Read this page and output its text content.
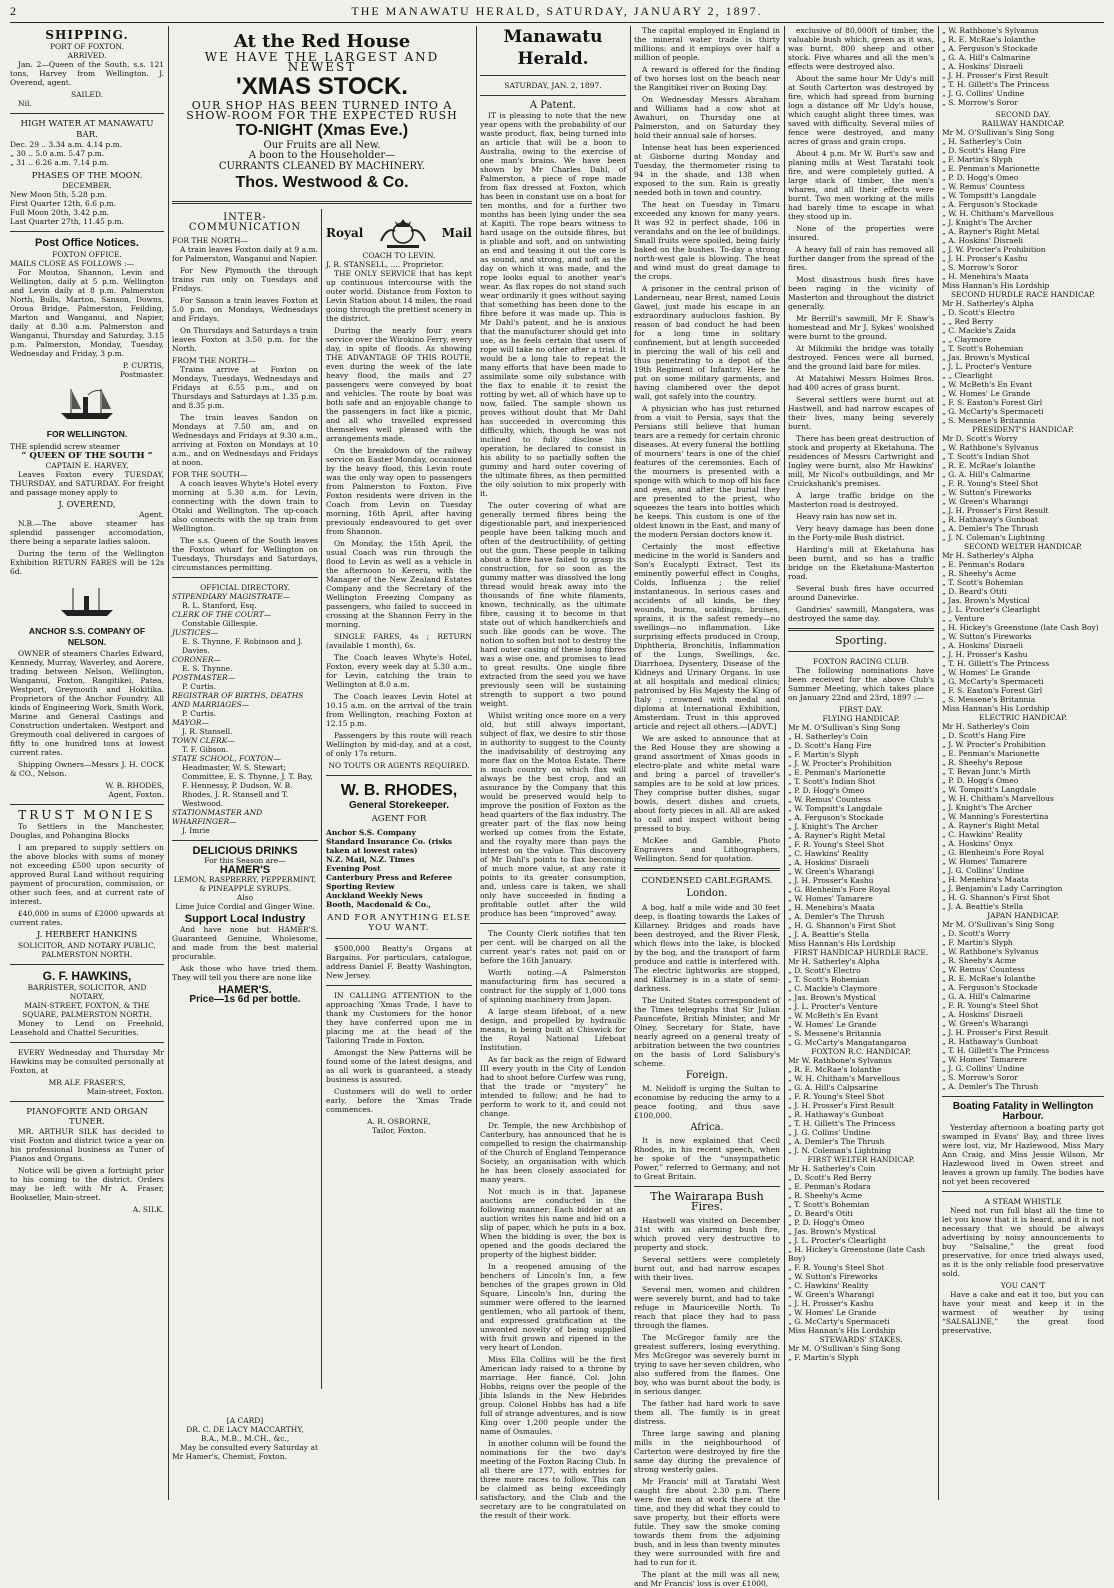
2	THE MANAWATU HERALD, SATURDAY, JANUARY 2, 1897.
SHIPPING.
PORT OF FOXTON.
ARRIVED.

Jan. 2—Queen of the South, s.s. 121 tons, Harvey from Wellington. J. Overend, agent.

SAILED.

Nil.

HIGH WATER AT MANAWATU BAR.
Dec. 29 .. 3.34 a.m. 4.14 p.m.
„ 30 .. 5.0 a.m. 5.47 p.m.
„ 31 .. 6.26 a.m. 7.14 p.m.
PHASES OF THE MOON.
DECEMBER.
New Moon 5th, 5.28 p.m.
First Quarter 12th, 6.6 p.m.
Full Moon 20th, 3.42 p.m.
Last Quarter 27th, 11.45 p.m.
Post Office Notices.
FOXTON OFFICE.
MAILS CLOSE AS FOLLOWS :—

For Moutoa, Shannon, Levin and Wellington, daily at 5 p.m. Wellington and Levin daily at 8 p.m. Palmerston North, Bulls, Marton, Sanson, Downs, Oroua Bridge, Palmerston, Feilding, Marton and Wanganui, and Napier, daily at 8.30 a.m. Palmerston and Wanganui, Thursday and Saturday, 3.15 p.m. Palmerston, Monday, Tuesday, Wednesday and Friday, 3 p.m.

P. CURTIS,
Postmaster.
FOR WELLINGTON.
THE splendid screw steamer
“ QUEEN OF THE SOUTH ”
CAPTAIN E. HARVEY,

Leaves Foxton every TUESDAY, THURSDAY, and SATURDAY. For freight and passage money apply to

J. OVEREND,
Agent.

N.B.—The above steamer has splendid passenger accomodation, there being a separate ladies saloon.

During the term of the Wellington Exhibition RETURN FARES will be 12s 6d.

ANCHOR S.S. COMPANY OF NELSON.

OWNER of steamers Charles Edward, Kennedy, Murray, Waverley, and Aorere, trading between Nelson, Wellington, Wanganui, Foxton, Rangitikei, Patea, Westport, Greymouth and Hokitika. Proprietors of the Anchor Foundry. All kinds of Engineering Work, Smith Work, Marine and General Castings and Construction undertaken. Westport and Greymouth coal delivered in cargoes of fifty to one hundred tons at lowest current rates.

Shipping Owners—Messrs J. H. COCK & CO., Nelson.

W. B. RHODES,
Agent, Foxton.
TRUST MONIES

To Settlers in the Manchester, Douglas, and Pohangina Blocks

I am prepared to supply settlers on the above blocks with sums of money not exceeding £500 upon security of approved Rural Land without requiring payment of procuration, commission, or other such fees, and at current rate of interest.

£40,000 in sums of £2000 upwards at current rates.

J. HERBERT HANKINS
SOLICITOR, AND NOTARY PUBLIC,
PALMERSTON NORTH.
G. F. HAWKINS,
BARRISTER, SOLICITOR, AND NOTARY,
MAIN-STREET, FOXTON, & THE SQUARE, PALMERSTON NORTH.

Money to Lend on Freehold, Leasehold and Chattel Securities.

EVERY Wednesday and Thursday Mr Hawkins may be consulted personally at Foxton, at

MR ALF. FRASER'S,
Main-street, Foxton.
PIANOFORTE AND ORGAN TUNER.

MR. ARTHUR SILK has decided to visit Foxton and district twice a year on his professional business as Tuner of Pianos and Organs.

Notice will be given a fortnight prior to his coming to the district. Orders may be left with Mr A. Fraser, Bookseller, Main-street.

A. SILK.
At the Red House
WE HAVE THE LARGEST AND NEWEST
'XMAS STOCK.
OUR SHOP HAS BEEN TURNED INTO A
SHOW-ROOM FOR THE EXPECTED RUSH
TO-NIGHT (Xmas Eve.)
Our Fruits are all New.
A boon to the Householder—
CURRANTS CLEANED BY MACHINERY.
Thos. Westwood & Co.
INTER-COMMUNICATION
FOR THE NORTH—

A train leaves Foxton daily at 9 a.m. for Palmerston, Wanganui and Napier.

For New Plymouth the through trains run only on Tuesdays and Fridays.

For Sanson a train leaves Foxton at 5.0 p.m. on Mondays, Wednesdays and Fridays.

On Thursdays and Saturdays a train leaves Foxton at 3.50 p.m. for the North.

FROM THE NORTH—

Trains arrive at Foxton on Mondays, Tuesdays, Wednesdays and Fridays at 6.55 p.m., and on Thursdays and Saturdays at 1.35 p.m. and 8.35 p.m.

The train leaves Sandon on Mondays at 7.50 am, and on Wednesdays and Fridays at 9.30 a.m., arriving at Foxton on Mondays at 10 a.m., and on Wednesdays and Fridays at noon.

FOR THE SOUTH—

A coach leaves Whyte's Hotel every morning at 5.30 a.m. for Levin, connecting with the down train to Otaki and Wellington. The up-coach also connects with the up train from Wellington.

The s.s. Queen of the South leaves the Foxton wharf for Wellington on Tuesdays, Thursdays and Saturdays, circumstances permitting.

OFFICIAL DIRECTORY.
STIPENDIARY MAGISTRATE—
R. L. Stanford, Esq.
CLERK OF THE COURT—
Constable Gillespie.
JUSTICES—
E. S. Thynne, F. Robinson and J. Davies.
CORONER—
E. S. Thynne.
POSTMASTER—
P. Curtis.
REGISTRAR OF BIRTHS, DEATHS AND MARRIAGES—
P. Curtis.
MAYOR—
J. R. Stansell.
TOWN CLERK—
T. F. Gibson.
STATE SCHOOL, FOXTON—
Headmaster, W. S. Stewart; Committee, E. S. Thynne, J. T. Bay, F. Hennessy, P. Dudson, W. B. Rhodes, J. R. Stansell and T. Westwood.
STATIONMASTER AND WHARFINGER—
J. Imrie
DELICIOUS DRINKS
For this Season are—
HAMER'S
LEMON, RASPBERRY, PEPPERMINT, & PINEAPPLE SYRUPS.
Also
Lime Juice Cordial and Ginger Wine.
Support Local Industry

And have none but HAMER'S. Guaranteed Genuine, Wholesome, and made from the best material procurable.

Ask those who have tried them. They will tell you there are none like

HAMER'S.
Price—1s 6d per bottle.
Royal	Mail
COACH TO LEVIN.
J. R. STANSELL, .... Proprietor.

THE ONLY SERVICE that has kept up continuous intercourse with the outer world. Distance from Foxton to Levin Station about 14 miles, the road going through the prettiest scenery in the district.

During the nearly four years service over the Wirokino Ferry, every day, in spite of floods. As showing THE ADVANTAGE OF THIS ROUTE, even during the week of the late heavy flood, the mails and 27 passengers were conveyed by boat and vehicles. The route by boat was both safe and an enjoyable change to the passengers in fact like a picnic, and all who travelled expressed themselves well pleased with the arrangements made.

On the breakdown of the railway service on Easter Monday, occasioned by the heavy flood, this Levin route was the only way open to passengers from Palmerston to Foxton. Five Foxton residents were driven in the Coach from Levin on Tuesday morning, 16th April, after having previously endeavoured to get over from Shannon.

On Monday, the 15th April, the usual Coach was run through the flood to Levin as well as a vehicle in the afternoon to Kereru, with the Manager of the New Zealand Estates Company and the Secretary of the Wellington Freezing Company as passengers, who failed to succeed in crossing at the Shannon Ferry in the morning.

SINGLE FARES, 4s ; RETURN (available 1 month), 6s.

The Coach leaves Whyte's Hotel, Foxton, every week day at 5.30 a.m., for Levin, catching the train to Wellington at 8.0 a.m.

The Coach leaves Levin Hotel at 10.15 a.m. on the arrival of the train from Wellington, reaching Foxton at 12.15 p.m.

Passengers by this route will reach Wellington by mid-day, and at a cost, of only 17s return.

NO TOUTS OR AGENTS REQUIRED.
W. B. RHODES,
General Storekeeper.
AGENT FOR
Anchor S.S. Company
Standard Insurance Co. (risks taken at lowest rates)
N.Z. Mail, N.Z. Times
Evening Post
Canterbury Press and Referee
Sporting Review
Auckland Weekly News
Booth, Macdonald & Co.,
AND FOR ANYTHING ELSE YOU WANT.

$500,000 Beatty's Organs at Bargains. For particulars, catalogue, address Daniel F. Beatty Washington, New Jersey.

IN CALLING ATTENTION to the approaching 'Xmas Trade, I have to thank my Customers for the honor they have conferred upon me in placing me at the head of the Tailoring Trade in Foxton.

Amongst the New Patterns will be found some of the latest designs, and as all work is guaranteed, a steady business is assured.

Customers will do well to order early, before the 'Xmas Trade commences.

A. R. OSBORNE,
Tailor, Foxton.
[A CARD]
DR. C. DE LACY MACCARTHY,
B.A., M.B., M.CH., &c.,

May be consulted every Saturday at Mr Hamer's, Chemist, Foxton.

Manawatu Herald.
SATURDAY, JAN. 2, 1897.
A Patent.

IT is pleasing to note that the new year opens with the probability of our waste product, flax, being turned into an article that will be a boon to Australia, owing to the exercise of one man's brains. We have been shown by Mr Charles Dahl, of Palmerston, a piece of rope made from flax dressed at Foxton, which has been in constant use on a boat for ten months, and for a further two months has been lying under the sea at Kapiti. The rope bears witness to hard usage on the outside fibres, but is pliable and soft, and on untwisting an end and teasing it out the core is as sound, and strong, and soft as the day on which it was made, and the rope looks equal to another year's wear. As flax ropes do not stand such wear ordinarily it goes without saying that something has been done to the fibre before it was made up. This is Mr Dahl's patent, and he is anxious that the manufacturer should get into use, as he feels certain that users of rope will take no other after a trial. It would be a long tale to repeat the many efforts that have been made to assimilate some oily substance with the flax to enable it to resist the rotting by wet, all of which have up to now, failed. The sample shown us proves without doubt that Mr Dahl has succeeded in overcoming this difficulty, which, though he was not inclined to fully disclose his operation, he declared to consist in his ability to so partially soften the gummy and hard outer covering of the ultimate fibres, as then permitted the oily solution to mix properly with it.

The outer covering of what are generally termed fibres being the digestionable part, and inexperienced people have been talking much and often of the destructibility, of getting out the gum. These people in talking about a fibre have failed to grasp its construction, for so soon as the gummy matter was dissolved the long thread would break away into the thousands of fine white filaments, known, technically, as the ultimate fibre, causing it to become in that state out of which handkerchiefs and such like goods can be wove. The notion to soften but not to destroy the hard outer casing of these long fibres was a wise one, and promises to lead to great results. One single fibre extracted from the seed you we have previously seen will be sustaining strength to support a two pound weight.

Whilst writing once more on a very old, but still always important, subject of flax, we desire to stir those in authority to suggest to the County the inadvisability of destroying any more flax on the Motoa Estate. There is much country on which flax will always be the best crop, and an assurance by the Company that this would be preserved would help to improve the position of Foxton as the head quarters of the flax industry. The greater part of the flax now being worked up comes from the Estate, and the royalty more than pays the interest on the value. This discovery of Mr Dahl's points to flax becoming of much more value, at any rate it points to its greater consumption, and, unless care is taken, we shall only have succeeded in finding a profitable outlet after the wild produce has been “improved” away.

The County Clerk notifies that ten per cent. will be charged on all the current year's rates not paid on or before the 16th January.

Worth noting.—A Palmerston manufacturing firm has secured a contract for the supply of 1,000 tons of spinning machinery from Japan.

A large steam lifeboat, of a new design, and propelled by hydraulic means, is being built at Chiswick for the Royal National Lifeboat Institution.

As far back as the reign of Edward III every youth in the City of London had to shoot before Curfew was rung, that the trade or “mystery” he intended to follow; and he had to perform to work to it, and could not change.

Dr. Temple, the new Archbishop of Canterbury, has announced that he is compelled to resign the chairmanship of the Church of England Temperance Society, an organisation with which he has been closely associated for many years.

Not much is in that. Japanese auctions are conducted in the following manner: Each bidder at an auction writes his name and bid on a slip of paper, which he puts in a box. When the bidding is over, the box is opened and the goods declared the property of the highest bidder.

In a reopened amusing of the benchers of Lincoln's Inn, a few benches of the grapes grown in Old Square, Lincoln's Inn, during the summer were offered to the learned gentlemen, who all partook of them, and expressed gratification at the unwonted novelty of being supplied with fruit grown and ripened in the very heart of London.

Miss Ella Collins will be the first American lady raised to a throne by marriage. Her fiancé, Col. John Hobbs, reigns over the people of the Jibia Islands in the New Hebrides group. Colonel Hobbs has had a life full of strange adventures, and is now King over 1,200 people under the name of Osmaules.

In another column will be found the nominations for the two day's meeting of the Foxton Racing Club. In all there are 177, with entries for three more races to follow. This can be claimed as being exceedingly satisfactory, and the Club and the secretary are to be congratulated on the result of their work.

The capital employed in England in the mineral water trade is thirty millions: and it employs over half a million of people.

A reward is offered for the finding of two horses lost on the beach near the Rangitikei river on Boxing Day.

On Wednesday Messrs Abraham and Williams had a cow shot at Awahuri, on Thursday one at Palmerston, and on Saturday they hold their annual sale of horses.

Intense heat has been experienced at Gisborne during Monday and Tuesday, the thermometer rising to 94 in the shade, and 138 when exposed to the sun. Rain is greatly needed both in town and country.

The heat on Tuesday in Timaru exceeded any known for many years. It was 92 in perfect shade, 106 in verandahs and on the lee of buildings. Small fruits were spoiled, being fairly baked on the bushes. To-day a strong north-west gale is blowing. The heat and wind must do great damage to the crops.

A prisoner in the central prison of Landerneau, near Brest, named Louis Gawel, just made his escape in an extraordinary auduclous fashion. By reason of bad conduct he had been for a long time in solitary confinement, but at length succeeded in piercing the wall of his cell and thus penetrating to a depot of the 19th Regiment of Infantry. Here he put on some military garments, and having clambered over the depot wall, got safely into the country.

A physician who has just returned from a visit to Persia, says that the Persians still believe that human tears are a remedy for certain chronic diseases. At every funeral the bottling of mourners' tears is one of the chief features of the ceremonies. Each of the mourners is presented with a sponge with which to mop off his face and eyes, and after the burial they are presented to the priest, who squeezes the tears into bottles which he keeps. This custom is one of the oldest known in the East, and many of the modern Persian doctors know it.

Certainly the most effective medicine in the world is Sanders and Son's Eucalypti Extract. Test its eminently powerful effect in Coughs, Colds, Influenza ; the relief instantaneous. In serious cases and accidents of all kinds, be they wounds, burns, scaldings, bruises, sprains, it is the safest remedy—no swellings—no inflammation. Like surprising effects produced in Croup, Diphtheria, Bronchitis, Inflammation of the Lungs, Swellings, &c. Diarrhoea, Dysentery, Disease of the Kidneys and Urinary Organs. In use at all hospitals and medical clinics; patronised by His Majesty the King of Italy ; crowned with medal and diploma at International Exhibition, Amsterdam. Trust in this approved article and reject all others.—[ADVT.]

We are asked to announce that at the Red House they are showing a grand assortment of Xmas goods in electro-plate and white metal ware and bring a parcel of traveller's samples are to be sold at low prices. They comprise butter dishes, sugar bowls, desert dishes and cruets, about forty pieces in all. All are asked to call and inspect without being pressed to buy.

McKee and Gamble, Photo Engravers and Lithographers, Wellington. Send for quotation.

CONDENSED CABLEGRAMS.
London.

A bog, half a mile wide and 30 feet deep, is floating towards the Lakes of Killarney. Bridges and roads have been destroyed, and the River Flesk, which flows into the lake, is blocked by the bog, and the transport of farm produce and cattle is interfered with. The electric lightworks are stopped, and Killarney is in a state of semi-darkness.

The United States correspondent of the Times telegraphs that Sir Julian Pauncefote, British Minister, and Mr Olney, Secretary for State, have nearly agreed on a general treaty of arbitration between the two countries on the basis of Lord Salisbury's scheme.

Foreign.

M. Nelidoff is urging the Sultan to economise by reducing the army to a peace footing, and thus save £100,000.

Africa.

It is now explained that Cecil Rhodes, in his recent speech, when he spoke of the “unsympathetic Power,” referred to Germany, and not to Great Britain.

The Wairarapa Bush Fires.

Hastwell was visited on December 31st with an alarming bush fire, which proved very destructive to property and stock.

Several settlers were completely burnt out, and had narrow escapes with their lives.

Several men, women and children were severely burnt, and had to take refuge in Mauriceville North. To reach that place they had to pass through the flames.

The McGregor family are the greatest sufferers, losing everything. Mrs McGregor was severely burnt in trying to save her seven children, who also suffered from the flames. One boy, who was burnt about the body, is in serious danger.

The father had hard work to save them all. The family is in great distress.

Three large sawing and planing mills in the neighbourhood of Carterton were destroyed by fire the same day during the prevalence of strong westerly gales.

Mr Francis' mill at Taratahi West caught fire about 2.30 p.m. There were five men at work there at the time, and they did what they could to save property, but their efforts were futile. They saw the smoke coming towards them from the adjoining bush, and in less than twenty minutes they were surrounded with fire and had to run for it.

The plant at the mill was all new, and Mr Francis' loss is over £1000,

exclusive of 80,000ft of timber, the valuable bush which, green as it was, was burnt, 800 sheep and other stock. Five whares and all the men's effects were destroyed also.

About the same hour Mr Udy's mill at South Carterton was destroyed by fire, which had spread from burning logs a distance off Mr Udy's house, which caught alight three times, was saved with difficulty. Several miles of fence were destroyed, and many acres of grass and grain crops.

About 4 p.m. Mr W. Burt's saw and planing mills at West Taratahi took fire, and were completely gutted. A large stack of timber, the men's whares, and all their effects were burnt. Two men working at the mills had barely time to escape in what they stood up in.

None of the properties were insured.

A heavy fall of rain has removed all further danger from the spread of the fires.

Most disastrous bush fires have been raging in the vicinity of Masterton and throughout the district generally.

Mr Berrill's sawmill, Mr F. Shaw's homestead and Mr J. Sykes' woolshed were burnt to the ground.

At Mikimiki the bridge was totally destroyed. Fences were all burned, and the ground laid bare for miles.

At Matahiwi Messrs Holmes Bros. had 400 acres of grass burnt.

Several settlers were burnt out at Hastwell, and had narrow escapes of their lives, many being severely burnt.

There has been great destruction of stock and property at Eketahuna. The residences of Messrs Cartwright and Ingley were burnt, also Mr Hawkins' mill, Mr Nicol's outbuildings, and Mr Cruickshank's premises.

A large traffic bridge on the Masterton road is destroyed.

Heavy rain has now set in.

Very heavy damage has been done in the Forty-mile Bush district.

Harding's mill at Eketahuna has been burnt, and so has a traffic bridge on the Eketahuna-Masterton road.

Several bush fires have occurred around Danevirke.

Gandries' sawmill, Mangatera, was destroyed the same day.

Sporting.
FOXTON RACING CLUB.

The following nominations have been received for the above Club's Summer Meeting, which takes place on January 22nd and 23rd, 1897 :—

FIRST DAY.
FLYING HANDICAP.
Mr M. O'Sullivan's Sing Song
„ H. Satherley's Coin
„ D. Scott's Hang Fire
„ F. Martin's Slyph
„ J. W. Procter's Prohibition
„ E. Penman's Marionette
„ T. Scott's Indian Shot
„ P. D. Hogg's Omeo
„ W. Remus' Countess
„ W. Tompsitt's Langdale
„ A. Ferguson's Stockade
„ J. Knight's The Archer
„ A. Rayner's Right Metal
„ F. R. Young's Steel Shot
„ C. Hawkins' Reality
„ A. Hoskins' Disraeli
„ W. Green's Wharangi
„ J. H. Prosser's Kashu
„ G. Blenheim's Fore Royal
„ W. Homes' Tamarere
„ H. Menehira's Maata
„ A. Demler's The Thrush
„ H. G. Shannon's First Shot
„ J. A. Beattie's Stella
Miss Hannan's His Lordship
FIRST HANDICAP HURDLE RACE.
Mr H. Satherley's Alpha
„ D. Scott's Electro
„ T. Scott's Bohemian
„ C. Mackie's Claymore
„ Jas. Brown's Mystical
„ J. L. Procter's Venture
„ W. McBeth's En Evant
„ W. Homes' Le Grande
„ S. Messene's Britannia
„ G. McCarty's Mangatangaroa
FOXTON R.C. HANDICAP.
Mr W. Rathbone's Sylvanus
„ R. E. McRae's Iolanthe
„ W. H. Chitham's Marvellous
„ G. A. Hill's Calpsarine
„ F. R. Young's Steel Shot
„ J. H. Prosser's First Result
„ R. Hathaway's Gunboat
„ T. H. Gillett's The Princess
„ J. G. Collins' Undine
„ A. Demler's The Thrush
„ J. N. Coleman's Lightning
FIRST WELTER HANDICAP.
Mr H. Satherley's Coin
„ D. Scott's Red Berry
„ E. Penman's Rodara
„ R. Sheehy's Acme
„ T. Scott's Bohemian
„ D. Beard's Otiti
„ P. D. Hogg's Omeo
„ Jas. Brown's Mystical
„ J. L. Procter's Clearlight
„ H. Hickey's Greenstone (late Cash Boy)
„ F. R. Young's Steel Shot
„ W. Sutton's Fireworks
„ C. Hawkins' Reality
„ W. Green's Wharangi
„ J. H. Prosser's Kashu
„ W. Homes' Le Grande
„ G. McCarty's Spermaceti
Miss Hannan's His Lordship
STEWARDS' STAKES.
Mr M. O'Sullivan's Sing Song
„ F. Martin's Slyph
„ W. Rathbone's Sylvanus
„ R. E. McRae's Iolanthe
„ A. Ferguson's Stockade
„ G. A. Hill's Calmarine
„ A. Hoskins' Disraeli
„ J. H. Prosser's First Result
„ T. H. Gillett's The Princess
„ J. G. Collins' Undine
„ S. Morrow's Soror
SECOND DAY.
RAILWAY HANDICAP.
Mr M. O'Sullivan's Sing Song
„ H. Satherley's Coin
„ D. Scott's Hang Fire
„ F. Martin's Slyph
„ E. Penman's Marionette
„ P. D. Hogg's Omeo
„ W. Remus' Countess
„ W. Tompsitt's Langdale
„ A. Ferguson's Stockade
„ W. H. Chitham's Marvellous
„ J. Knight's The Archer
„ A. Rayner's Right Metal
„ A. Hoskins' Disraeli
„ J. W. Procter's Prohibition
„ J. H. Prosser's Kashu
„ S. Morrow's Soror
„ H. Menehira's Maata
Miss Hannan's His Lordship
SECOND HURDLE RACE HANDICAP.
Mr H. Satherley's Alpha
„ D. Scott's Electro
„ „ Red Berry
„ C. Mackie's Zaida
„ „ Claymore
„ T. Scott's Bohemian
„ Jas. Brown's Mystical
„ J. L. Procter's Venture
„ „ Clearlight
„ W. McBeth's En Evant
„ W. Homes' Le Grande
„ F. S. Easton's Forest Girl
„ G. McCarty's Spermaceti
„ S. Messene's Britannia
PRESIDENT'S HANDICAP.
Mr D. Scott's Worry
„ W. Rathbone's Sylvanus
„ T. Scott's Indian Shot
„ R. E. McRae's Iolanthe
„ G. A. Hill's Calmarine
„ F. R. Young's Steel Shot
„ W. Sutton's Fireworks
„ W. Green's Wharangi
„ J. H. Prosser's First Result
„ R. Hathaway's Gunboat
„ A. Demler's The Thrush
„ J. N. Coleman's Lightning
SECOND WELTER HANDICAP.
Mr H. Satherley's Alpha
„ E. Penman's Rodara
„ R. Sheehy's Acme
„ T. Scott's Bohemian
„ D. Beard's Otiti
„ Jas. Brown's Mystical
„ J. L. Procter's Clearlight
„ „ Venture
„ H. Hickey's Greenstone (late Cash Boy)
„ W. Sutton's Fireworks
„ A. Hoskins' Disraeli
„ J. H. Prosser's Kashu
„ T. H. Gillett's The Princess
„ W. Homes' Le Grande
„ G. McCarty's Spermaceti
„ F. S. Easton's Forest Girl
„ S. Messene's Britannia
Miss Hannan's His Lordship
ELECTRIC HANDICAP.
Mr H. Satherley's Coin
„ D. Scott's Hang Fire
„ J. W. Procter's Prohibition
„ E. Penman's Marionette
„ R. Sheehy's Repose
„ T. Bevan Junr.'s Mirth
„ P. D. Hogg's Omeo
„ W. Tompsitt's Langdale
„ W. H. Chitham's Marvellous
„ J. Knight's The Archer
„ W. Manning's Forestertina
„ A. Rayner's Right Metal
„ C. Hawkins' Reality
„ A. Hoskins' Onyx
„ G. Blenheim's Fore Royal
„ W. Homes' Tamarere
„ J. G. Collins' Undine
„ H. Menehira's Maata
„ J. Benjamin's Lady Carrington
„ H. G. Shannon's First Shot
„ J. A. Beattie's Stella
JAPAN HANDICAP.
Mr M. O'Sullivan's Sing Song
„ D. Scott's Worry
„ F. Martin's Slyph
„ W. Rathbone's Sylvanus
„ R. Sheehy's Acme
„ W. Remus' Countess
„ R. E. McRae's Iolanthe
„ A. Ferguson's Stockade
„ G. A. Hill's Calmarine
„ F. R. Young's Steel Shot
„ A. Hoskins' Disraeli
„ W. Green's Wharangi
„ J. H. Prosser's First Result
„ R. Hathaway's Gunboat
„ T. H. Gillett's The Princess
„ W. Homes' Tamarere
„ J. G. Collins' Undine
„ S. Morrow's Soror
„ A. Demler's The Thrush
Boating Fatality in Wellington Harbour.

Yesterday afternoon a boating party got swamped in Evans' Bay, and three lives were lost, viz, Mr Hazlewood, Miss Mary Ann Craig, and Miss Jessie Wilson. Mr Hazlewood lived in Owen street and leaves a grown up family. The bodies have not yet been recovered

A STEAM WHISTLE

Need not run full blast all the time to let you know that it is heard, and it is not necessary that we should be always advertising by noisy announcements to buy “Salsaline,” the great food preservative, for once tried always used, as it is the only reliable food preservative sold.

YOU CAN'T

Have a cake and eat it too, but you can have your meat and keep it in the warmest of weather by using “SALSALINE,” the great food preservative.
